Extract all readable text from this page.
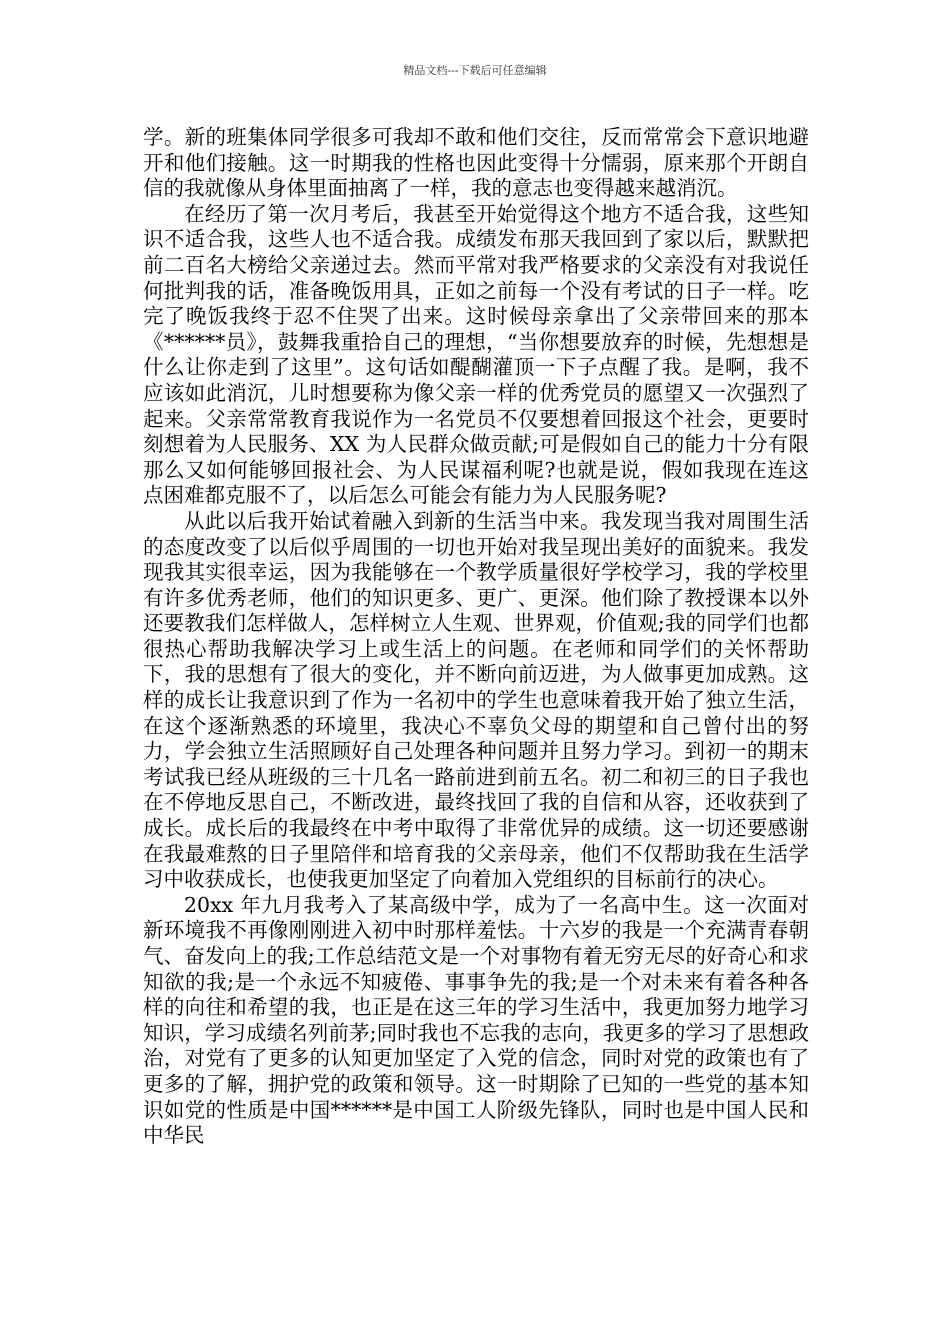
精品文档---下载后可任意编辑

学。新的班集体同学很多可我却不敢和他们交往，反而常常会下意识地避开和他们接触。这一时期我的性格也因此变得十分懦弱，原来那个开朗自信的我就像从身体里面抽离了一样，我的意志也变得越来越消沉。

在经历了第一次月考后，我甚至开始觉得这个地方不适合我，这些知识不适合我，这些人也不适合我。成绩发布那天我回到了家以后，默默把前二百名大榜给父亲递过去。然而平常对我严格要求的父亲没有对我说任何批判我的话，准备晚饭用具，正如之前每一个没有考试的日子一样。吃完了晚饭我终于忍不住哭了出来。这时候母亲拿出了父亲带回来的那本《******员》，鼓舞我重拾自己的理想，“当你想要放弃的时候，先想想是什么让你走到了这里”。这句话如醍醐灌顶一下子点醒了我。是啊，我不应该如此消沉，儿时想要称为像父亲一样的优秀党员的愿望又一次强烈了起来。父亲常常教育我说作为一名党员不仅要想着回报这个社会，更要时刻想着为人民服务、XX 为人民群众做贡献;可是假如自己的能力十分有限那么又如何能够回报社会、为人民谋福利呢?也就是说，假如我现在连这点困难都克服不了，以后怎么可能会有能力为人民服务呢?

从此以后我开始试着融入到新的生活当中来。我发现当我对周围生活的态度改变了以后似乎周围的一切也开始对我呈现出美好的面貌来。我发现我其实很幸运，因为我能够在一个教学质量很好学校学习，我的学校里有许多优秀老师，他们的知识更多、更广、更深。他们除了教授课本以外还要教我们怎样做人，怎样树立人生观、世界观，价值观;我的同学们也都很热心帮助我解决学习上或生活上的问题。在老师和同学们的关怀帮助下，我的思想有了很大的变化，并不断向前迈进，为人做事更加成熟。这样的成长让我意识到了作为一名初中的学生也意味着我开始了独立生活，在这个逐渐熟悉的环境里，我决心不辜负父母的期望和自己曾付出的努力，学会独立生活照顾好自己处理各种问题并且努力学习。到初一的期末考试我已经从班级的三十几名一路前进到前五名。初二和初三的日子我也在不停地反思自己，不断改进，最终找回了我的自信和从容，还收获到了成长。成长后的我最终在中考中取得了非常优异的成绩。这一切还要感谢在我最难熬的日子里陪伴和培育我的父亲母亲，他们不仅帮助我在生活学习中收获成长，也使我更加坚定了向着加入党组织的目标前行的决心。

20xx 年九月我考入了某高级中学，成为了一名高中生。这一次面对新环境我不再像刚刚进入初中时那样羞怯。十六岁的我是一个充满青春朝气、奋发向上的我;工作总结范文是一个对事物有着无穷无尽的好奇心和求知欲的我;是一个永远不知疲倦、事事争先的我;是一个对未来有着各种各样的向往和希望的我，也正是在这三年的学习生活中，我更加努力地学习知识，学习成绩名列前茅;同时我也不忘我的志向，我更多的学习了思想政治，对党有了更多的认知更加坚定了入党的信念，同时对党的政策也有了更多的了解，拥护党的政策和领导。这一时期除了已知的一些党的基本知识如党的性质是中国******是中国工人阶级先锋队，同时也是中国人民和中华民
